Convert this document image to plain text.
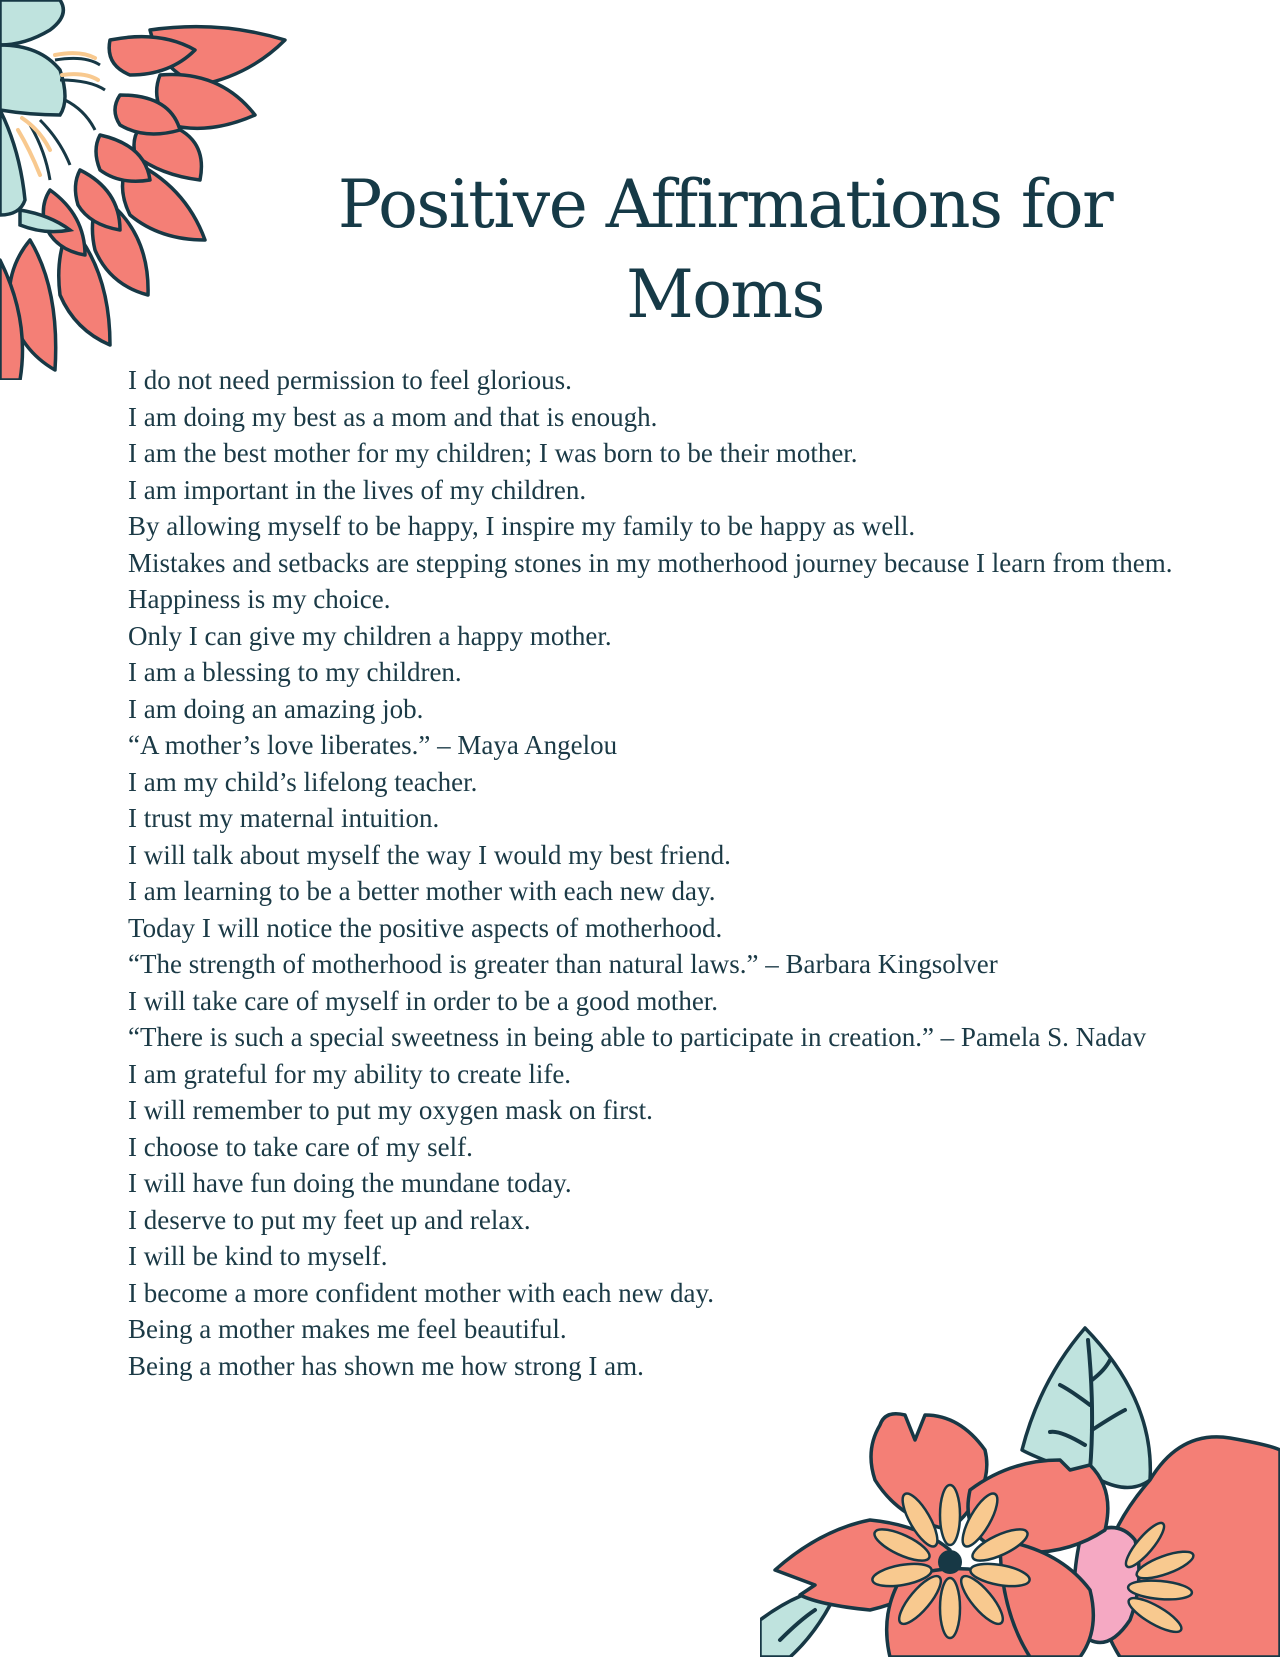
Positive Affirmations for
Moms
I do not need permission to feel glorious.
I am doing my best as a mom and that is enough.
I am the best mother for my children; I was born to be their mother.
I am important in the lives of my children.
By allowing myself to be happy, I inspire my family to be happy as well.
Mistakes and setbacks are stepping stones in my motherhood journey because I learn from them.
Happiness is my choice.
Only I can give my children a happy mother.
I am a blessing to my children.
I am doing an amazing job.
“A mother’s love liberates.” – Maya Angelou
I am my child’s lifelong teacher.
I trust my maternal intuition.
I will talk about myself the way I would my best friend.
I am learning to be a better mother with each new day.
Today I will notice the positive aspects of motherhood.
“The strength of motherhood is greater than natural laws.” – Barbara Kingsolver
I will take care of myself in order to be a good mother.
“There is such a special sweetness in being able to participate in creation.” – Pamela S. Nadav
I am grateful for my ability to create life.
I will remember to put my oxygen mask on first.
I choose to take care of my self.
I will have fun doing the mundane today.
I deserve to put my feet up and relax.
I will be kind to myself.
I become a more confident mother with each new day.
Being a mother makes me feel beautiful.
Being a mother has shown me how strong I am.
